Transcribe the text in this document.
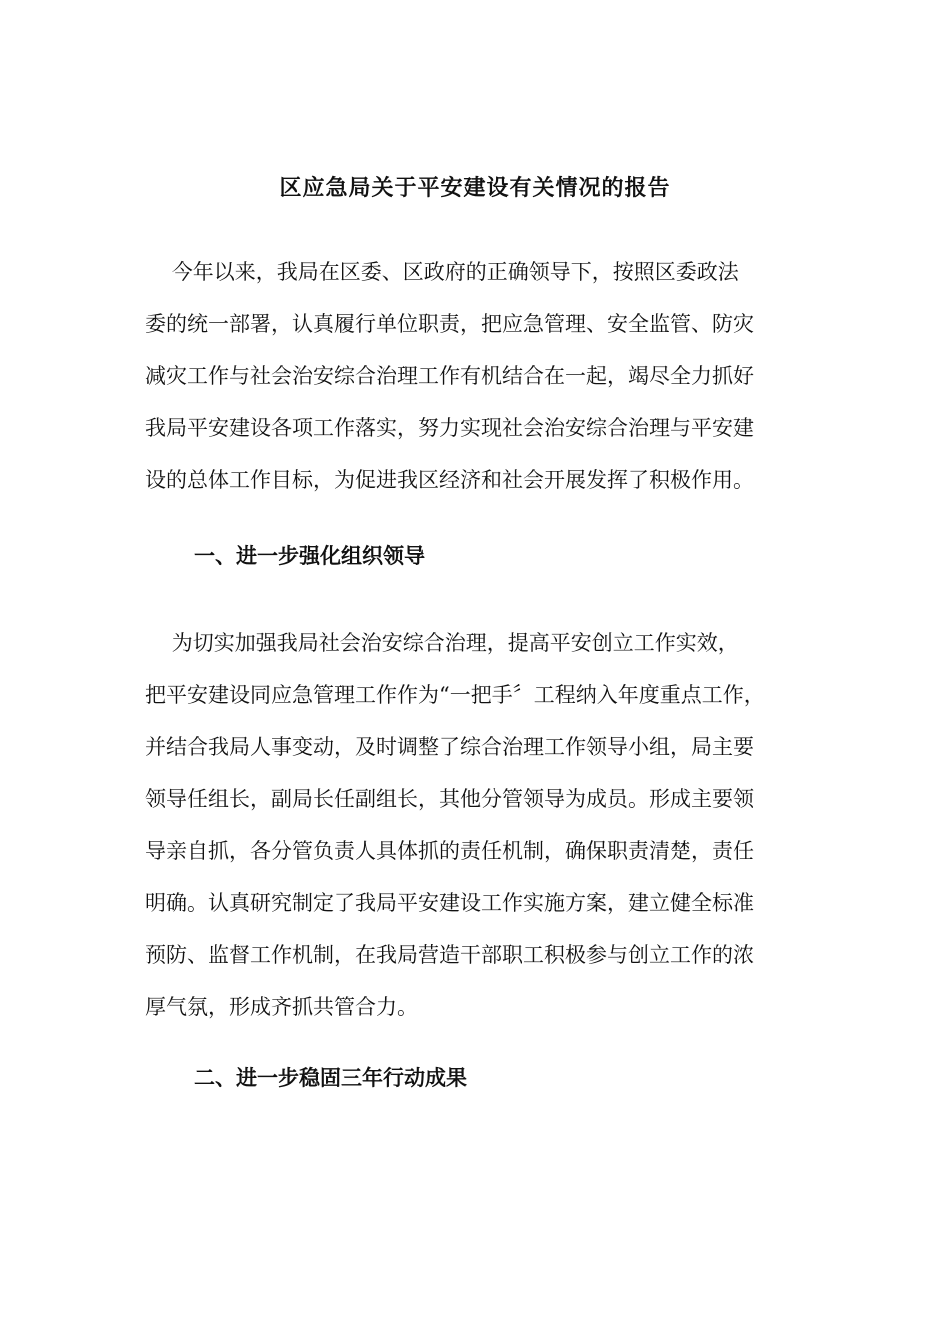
区应急局关于平安建设有关情况的报告

今年以来，我局在区委、区政府的正确领导下，按照区委政法
委的统一部署，认真履行单位职责，把应急管理、安全监管、防灾
减灾工作与社会治安综合治理工作有机结合在一起，竭尽全力抓好
我局平安建设各项工作落实，努力实现社会治安综合治理与平安建
设的总体工作目标，为促进我区经济和社会开展发挥了积极作用。

一、进一步强化组织领导

为切实加强我局社会治安综合治理，提高平安创立工作实效，
把平安建设同应急管理工作作为“一把手〞工程纳入年度重点工作，
并结合我局人事变动，及时调整了综合治理工作领导小组，局主要
领导任组长，副局长任副组长，其他分管领导为成员。形成主要领
导亲自抓，各分管负责人具体抓的责任机制，确保职责清楚，责任
明确。认真研究制定了我局平安建设工作实施方案，建立健全标准
预防、监督工作机制，在我局营造干部职工积极参与创立工作的浓
厚气氛，形成齐抓共管合力。

二、进一步稳固三年行动成果
